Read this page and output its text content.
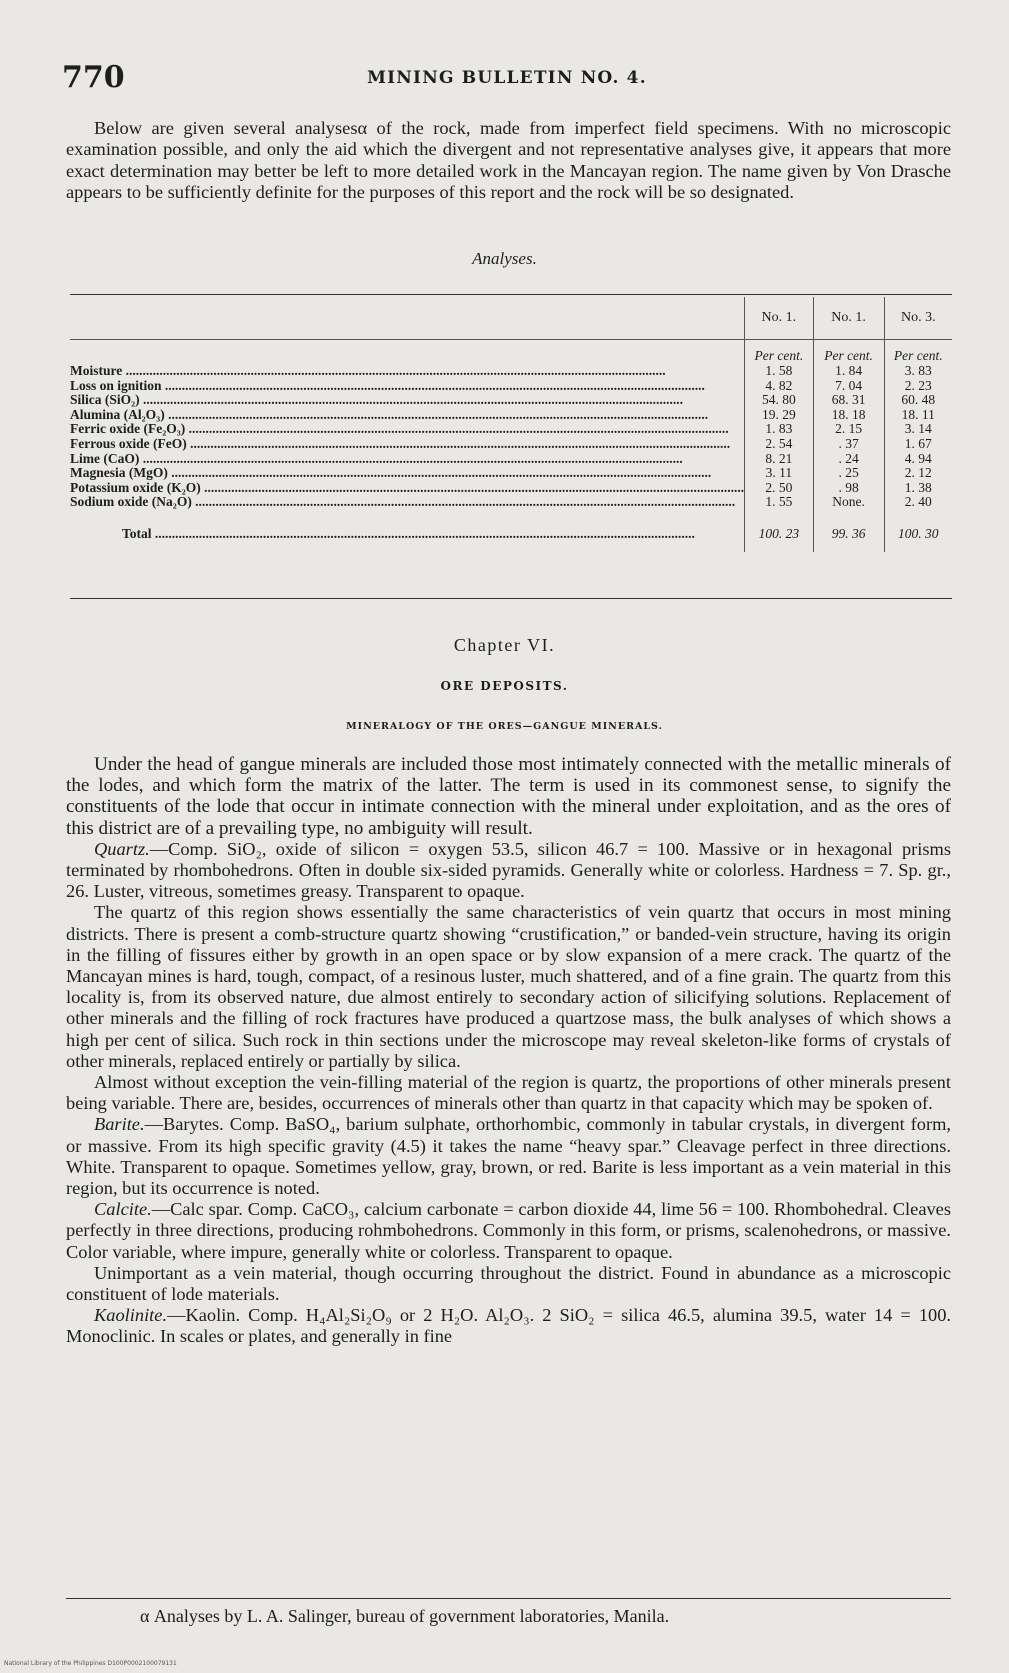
770	MINING BULLETIN NO. 4.

Below are given several analysesα of the rock, made from imperfect field specimens. With no microscopic examination possible, and only the aid which the divergent and not representative analyses give, it appears that more exact determination may better be left to more detailed work in the Mancayan region. The name given by Von Drasche appears to be sufficiently definite for the purposes of this report and the rock will be so designated.

Analyses.
	No. 1.	No. 1.	No. 3.
	Per cent.	Per cent.	Per cent.
Moisture ................................................................................................................................................................	1. 58	1. 84	3. 83
Loss on ignition ................................................................................................................................................................	4. 82	7. 04	2. 23
Silica (SiO₂) ................................................................................................................................................................	54. 80	68. 31	60. 48
Alumina (Al₂O₃) ................................................................................................................................................................	19. 29	18. 18	18. 11
Ferric oxide (Fe₂O₃) ................................................................................................................................................................	1. 83	2. 15	3. 14
Ferrous oxide (FeO) ................................................................................................................................................................	2. 54	. 37	1. 67
Lime (CaO) ................................................................................................................................................................	8. 21	. 24	4. 94
Magnesia (MgO) ................................................................................................................................................................	3. 11	. 25	2. 12
Potassium oxide (K₂O) ................................................................................................................................................................	2. 50	. 98	1. 38
Sodium oxide (Na₂O) ................................................................................................................................................................	1. 55	None.	2. 40
Total ................................................................................................................................................................	100. 23	99. 36	100. 30
Chapter VI.
ORE DEPOSITS.
MINERALOGY OF THE ORES—GANGUE MINERALS.

Under the head of gangue minerals are included those most intimately connected with the metallic minerals of the lodes, and which form the matrix of the latter. The term is used in its commonest sense, to signify the constituents of the lode that occur in intimate connection with the mineral under exploitation, and as the ores of this district are of a prevailing type, no ambiguity will result.

Quartz.—Comp. SiO₂, oxide of silicon = oxygen 53.5, silicon 46.7 = 100. Massive or in hexagonal prisms terminated by rhombohedrons. Often in double six-sided pyramids. Generally white or colorless. Hardness = 7. Sp. gr., 26. Luster, vitreous, sometimes greasy. Transparent to opaque.

The quartz of this region shows essentially the same characteristics of vein quartz that occurs in most mining districts. There is present a comb-structure quartz showing “crustification,” or banded-vein structure, having its origin in the filling of fissures either by growth in an open space or by slow expansion of a mere crack. The quartz of the Mancayan mines is hard, tough, compact, of a resinous luster, much shattered, and of a fine grain. The quartz from this locality is, from its observed nature, due almost entirely to secondary action of silicifying solutions. Replacement of other minerals and the filling of rock fractures have produced a quartzose mass, the bulk analyses of which shows a high per cent of silica. Such rock in thin sections under the microscope may reveal skeleton-like forms of crystals of other minerals, replaced entirely or partially by silica.

Almost without exception the vein-filling material of the region is quartz, the proportions of other minerals present being variable. There are, besides, occurrences of minerals other than quartz in that capacity which may be spoken of.

Barite.—Barytes. Comp. BaSO₄, barium sulphate, orthorhombic, commonly in tabular crystals, in divergent form, or massive. From its high specific gravity (4.5) it takes the name “heavy spar.” Cleavage perfect in three directions. White. Transparent to opaque. Sometimes yellow, gray, brown, or red. Barite is less important as a vein material in this region, but its occurrence is noted.

Calcite.—Calc spar. Comp. CaCO₃, calcium carbonate = carbon dioxide 44, lime 56 = 100. Rhombohedral. Cleaves perfectly in three directions, producing rohmbohedrons. Commonly in this form, or prisms, scalenohedrons, or massive. Color variable, where impure, generally white or colorless. Transparent to opaque.

Unimportant as a vein material, though occurring throughout the district. Found in abundance as a microscopic constituent of lode materials.

Kaolinite.—Kaolin. Comp. H₄Al₂Si₂O₉ or 2 H₂O. Al₂O₃. 2 SiO₂ = silica 46.5, alumina 39.5, water 14 = 100. Monoclinic. In scales or plates, and generally in fine

α Analyses by L. A. Salinger, bureau of government laboratories, Manila.
National Library of the Philippines D100P0002100079131
